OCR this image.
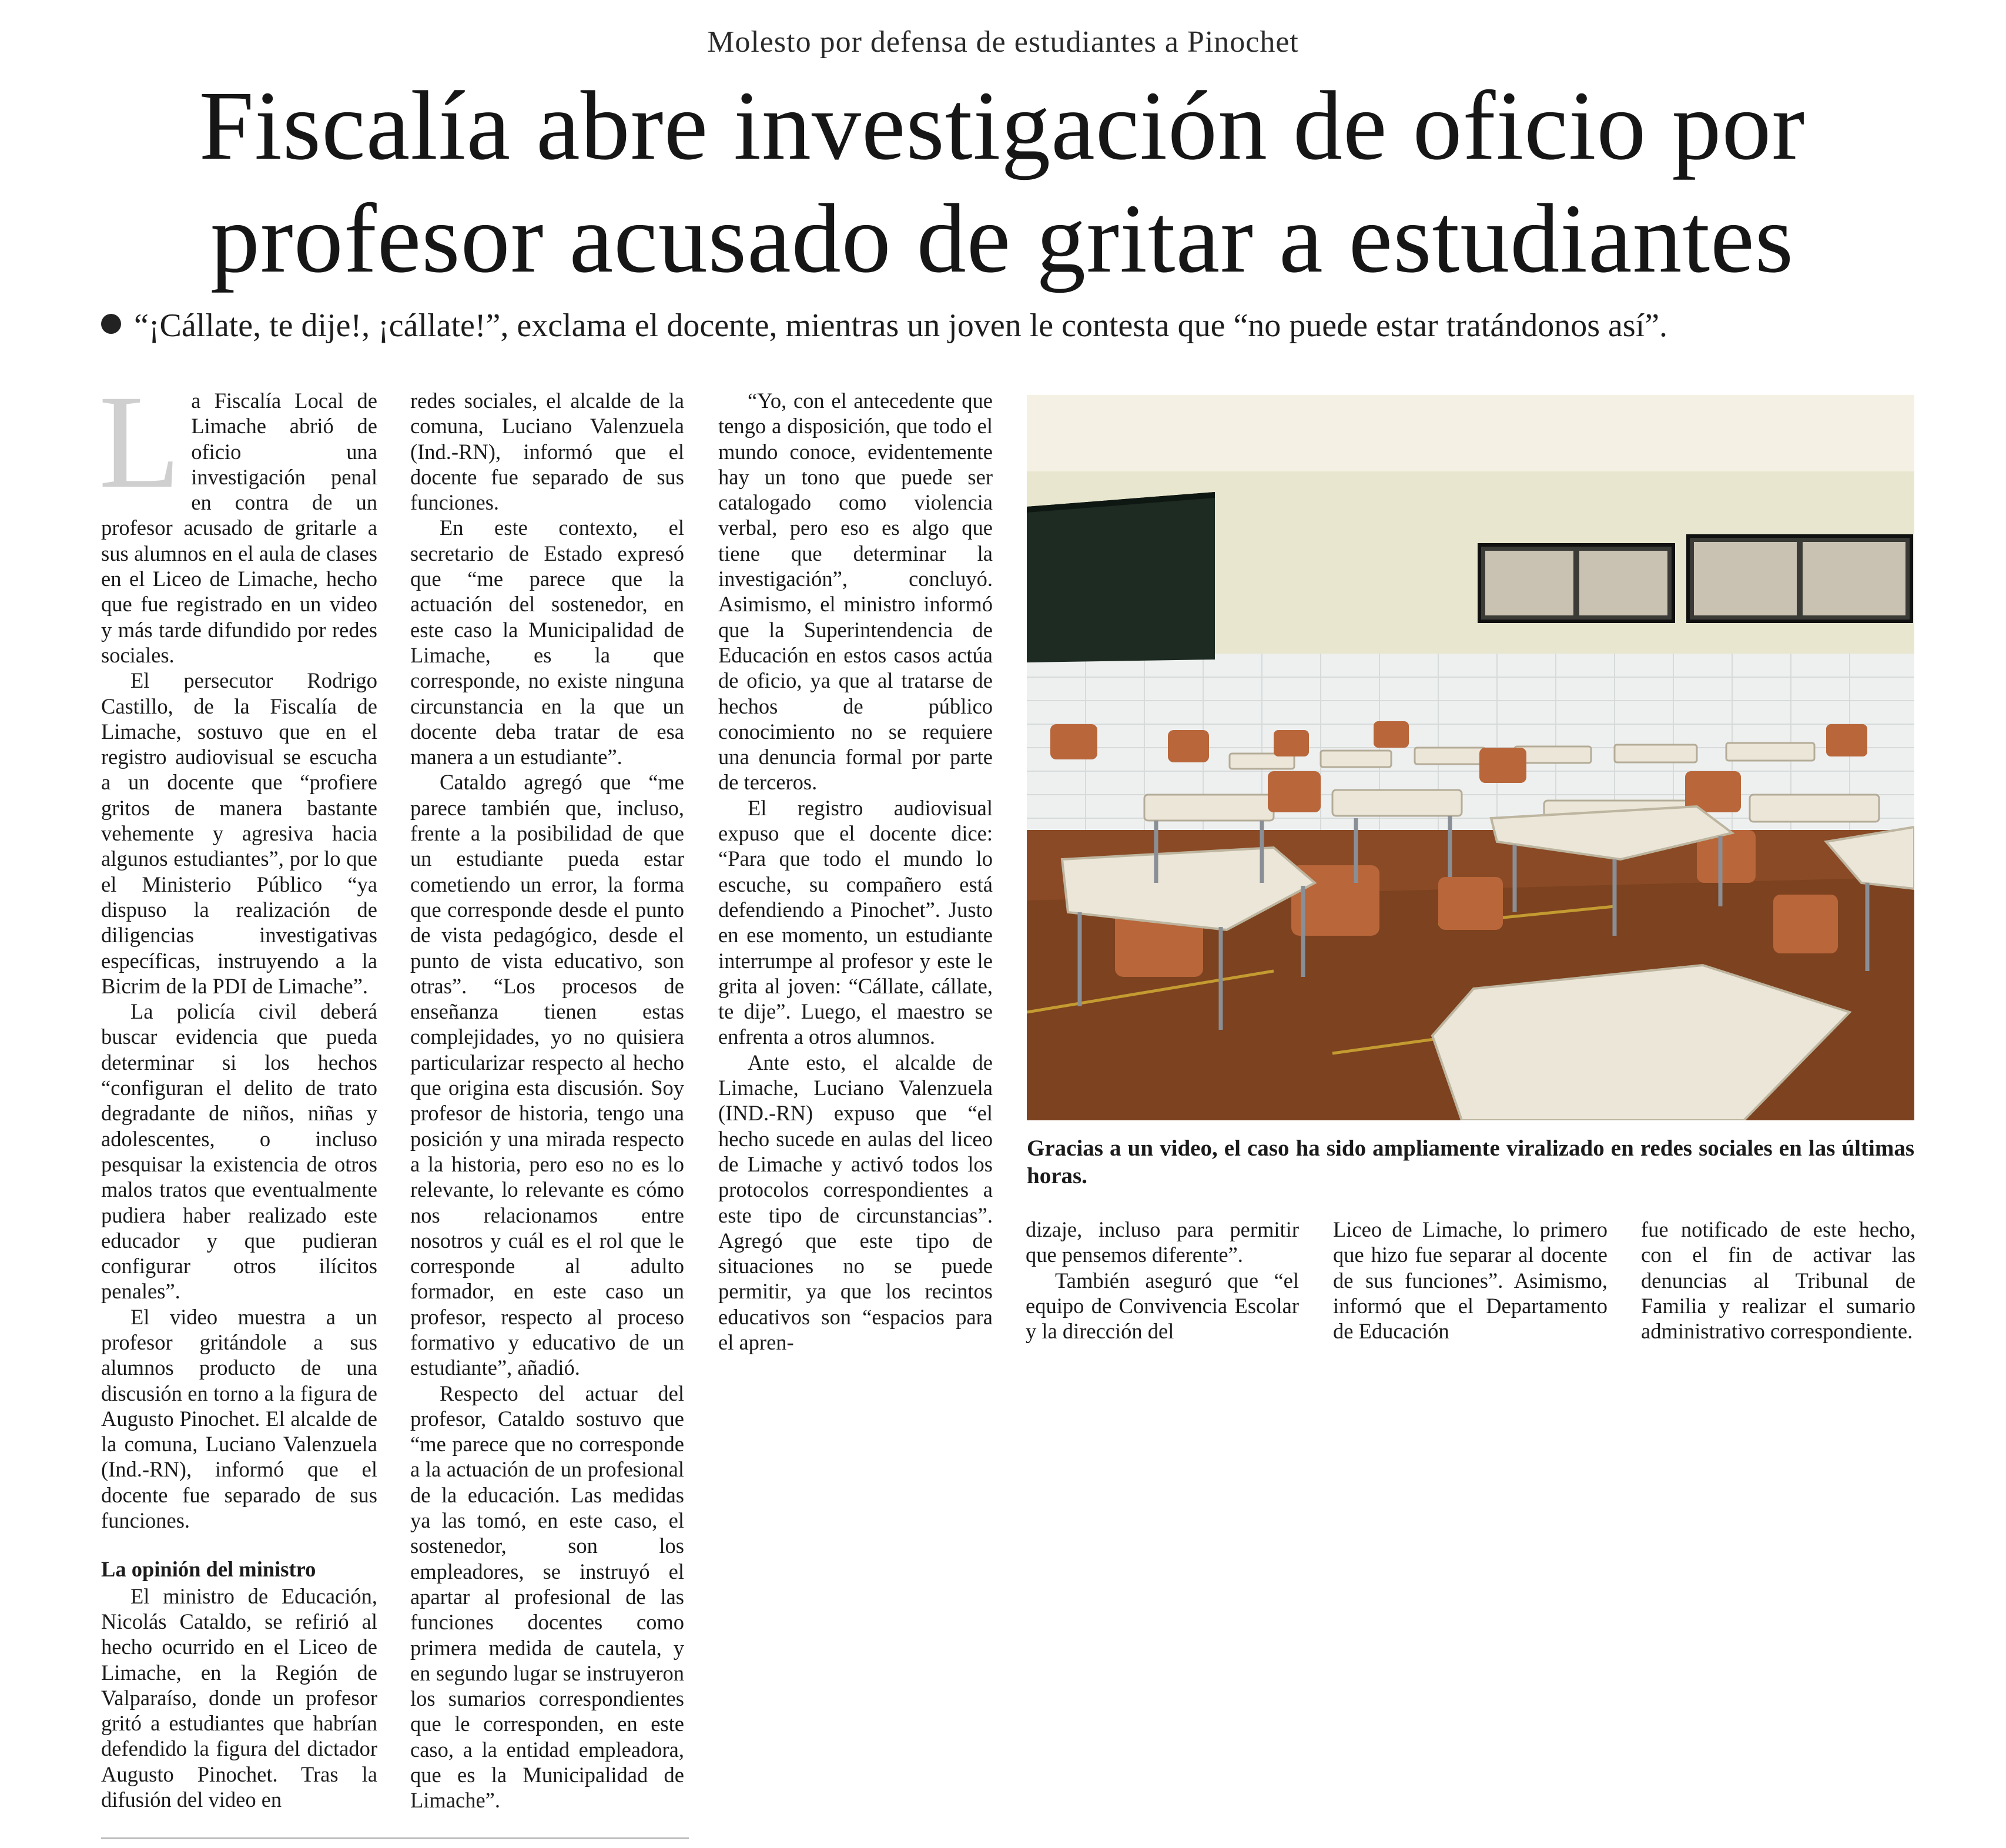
Molesto por defensa de estudiantes a Pinochet
Fiscalía abre investigación de oficio por
profesor acusado de gritar a estudiantes
“¡Cállate, te dije!, ¡cállate!”, exclama el docente, mientras un joven le contesta que “no puede estar tratándonos así”.

La Fiscalía Local de Limache abrió de oficio una investigación penal en contra de un profesor acusado de gritarle a sus alumnos en el aula de clases en el Liceo de Limache, hecho que fue registrado en un video y más tarde difundido por redes sociales.

El persecutor Rodrigo Castillo, de la Fiscalía de Limache, sostuvo que en el registro audiovisual se escucha a un docente que “profiere gritos de manera bastante vehemente y agresiva hacia algunos estudiantes”, por lo que el Ministerio Público “ya dispuso la realización de diligencias investigativas específicas, instruyendo a la Bicrim de la PDI de Limache”.

La policía civil deberá buscar evidencia que pueda determinar si los hechos “configuran el delito de trato degradante de niños, niñas y adolescentes, o incluso pesquisar la existencia de otros malos tratos que eventualmente pudiera haber realizado este educador y que pudieran configurar otros ilícitos penales”.

El video muestra a un profesor gritándole a sus alumnos producto de una discusión en torno a la figura de Augusto Pinochet. El alcalde de la comuna, Luciano Valenzuela (Ind.-RN), informó que el docente fue separado de sus funciones.

La opinión del ministro

El ministro de Educación, Nicolás Cataldo, se refirió al hecho ocurrido en el Liceo de Limache, en la Región de Valparaíso, donde un profesor gritó a estudiantes que habrían defendido la figura del dictador Augusto Pinochet. Tras la difusión del video en

redes sociales, el alcalde de la comuna, Luciano Valenzuela (Ind.-RN), informó que el docente fue separado de sus funciones.

En este contexto, el secretario de Estado expresó que “me parece que la actuación del sostenedor, en este caso la Municipalidad de Limache, es la que corresponde, no existe ninguna circunstancia en la que un docente deba tratar de esa manera a un estudiante”.

Cataldo agregó que “me parece también que, incluso, frente a la posibilidad de que un estudiante pueda estar cometiendo un error, la forma que corresponde desde el punto de vista pedagógico, desde el punto de vista educativo, son otras”. “Los procesos de enseñanza tienen estas complejidades, yo no quisiera particularizar respecto al hecho que origina esta discusión. Soy profesor de historia, tengo una posición y una mirada respecto a la historia, pero eso no es lo relevante, lo relevante es cómo nos relacionamos entre nosotros y cuál es el rol que le corresponde al adulto formador, en este caso un profesor, respecto al proceso formativo y educativo de un estudiante”, añadió.

Respecto del actuar del profesor, Cataldo sostuvo que “me parece que no corresponde a la actuación de un profesional de la educación. Las medidas ya las tomó, en este caso, el sostenedor, son los empleadores, se instruyó el apartar al profesional de las funciones docentes como primera medida de cautela, y en segundo lugar se instruyeron los sumarios correspondientes que le corresponden, en este caso, a la entidad empleadora, que es la Municipalidad de Limache”.

“Yo, con el antecedente que tengo a disposición, que todo el mundo conoce, evidentemente hay un tono que puede ser catalogado como violencia verbal, pero eso es algo que tiene que determinar la investigación”, concluyó. Asimismo, el ministro informó que la Superintendencia de Educación en estos casos actúa de oficio, ya que al tratarse de hechos de público conocimiento no se requiere una denuncia formal por parte de terceros.

El registro audiovisual expuso que el docente dice: “Para que todo el mundo lo escuche, su compañero está defendiendo a Pinochet”. Justo en ese momento, un estudiante interrumpe al profesor y este le grita al joven: “Cállate, cállate, te dije”. Luego, el maestro se enfrenta a otros alumnos.

Ante esto, el alcalde de Limache, Luciano Valenzuela (IND.-RN) expuso que “el hecho sucede en aulas del liceo de Limache y activó todos los protocolos correspondientes a este tipo de circunstancias”. Agregó que este tipo de situaciones no se puede permitir, ya que los recintos educativos son “espacios para el apren-

Gracias a un video, el caso ha sido ampliamente viralizado en redes sociales en las últimas horas.

dizaje, incluso para permitir que pensemos diferente”.

También aseguró que “el equipo de Convivencia Escolar y la dirección del

Liceo de Limache, lo primero que hizo fue separar al docente de sus funciones”. Asimismo, informó que el Departamento de Educación

fue notificado de este hecho, con el fin de activar las denuncias al Tribunal de Familia y realizar el sumario administrativo correspondiente.
